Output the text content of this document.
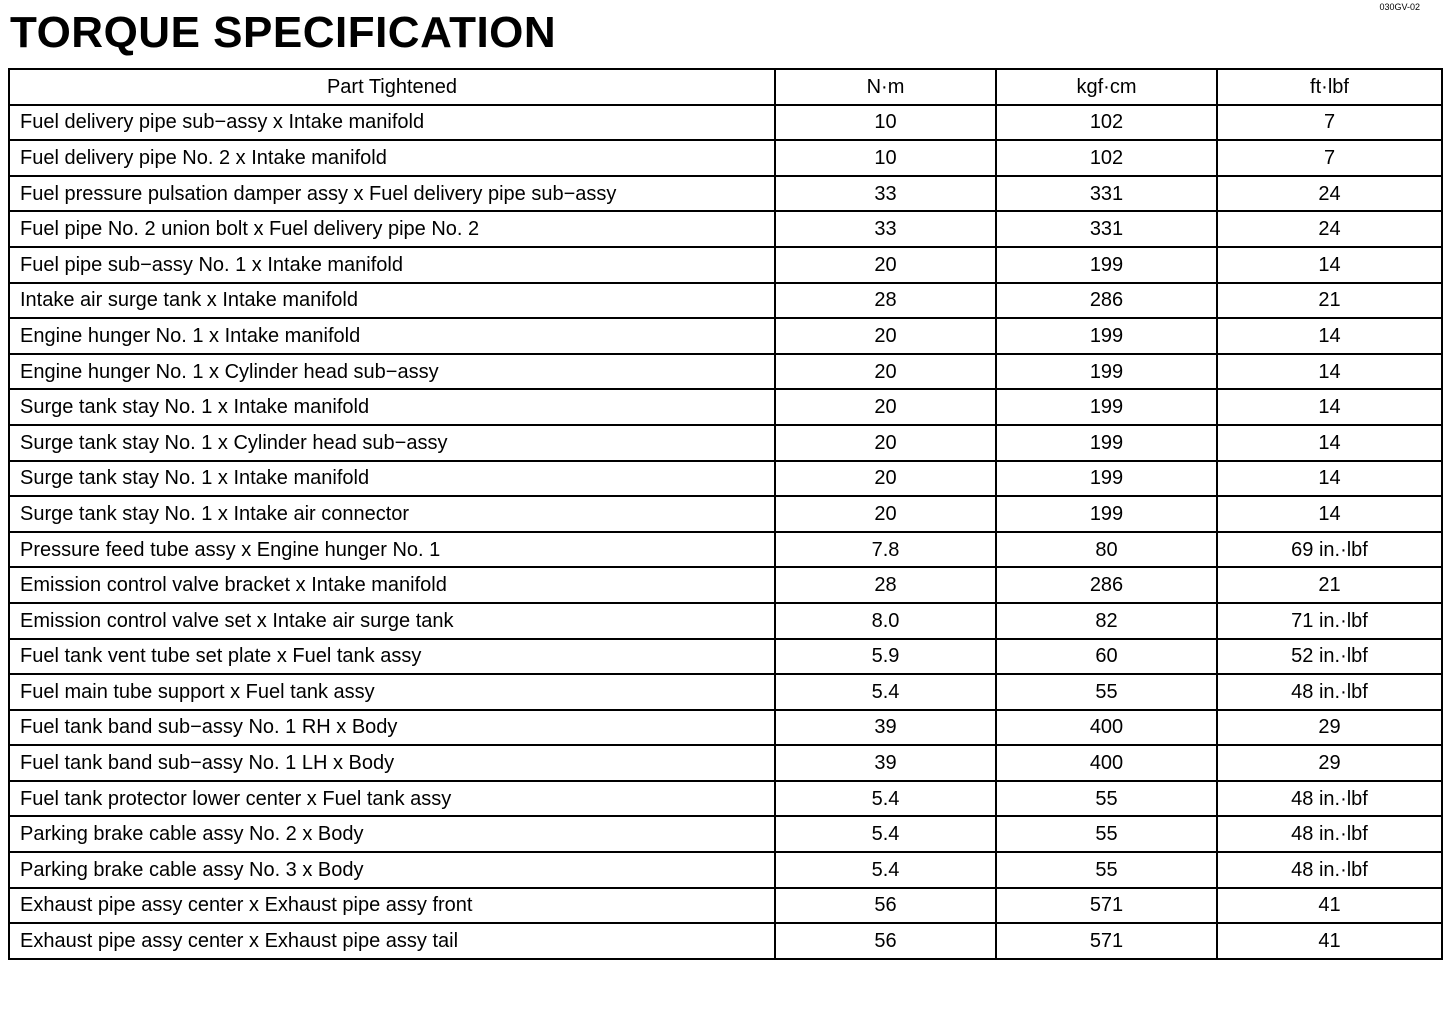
TORQUE SPECIFICATION
030GV-02
Part Tightened	N·m	kgf·cm	ft·lbf
Fuel delivery pipe sub−assy x Intake manifold	10	102	7
Fuel delivery pipe No. 2 x Intake manifold	10	102	7
Fuel pressure pulsation damper assy x Fuel delivery pipe sub−assy	33	331	24
Fuel pipe No. 2 union bolt x Fuel delivery pipe No. 2	33	331	24
Fuel pipe sub−assy No. 1 x Intake manifold	20	199	14
Intake air surge tank x Intake manifold	28	286	21
Engine hunger No. 1 x Intake manifold	20	199	14
Engine hunger No. 1 x Cylinder head sub−assy	20	199	14
Surge tank stay No. 1 x Intake manifold	20	199	14
Surge tank stay No. 1 x Cylinder head sub−assy	20	199	14
Surge tank stay No. 1 x Intake manifold	20	199	14
Surge tank stay No. 1 x Intake air connector	20	199	14
Pressure feed tube assy x Engine hunger No. 1	7.8	80	69 in.·lbf
Emission control valve bracket x Intake manifold	28	286	21
Emission control valve set x Intake air surge tank	8.0	82	71 in.·lbf
Fuel tank vent tube set plate x Fuel tank assy	5.9	60	52 in.·lbf
Fuel main tube support x Fuel tank assy	5.4	55	48 in.·lbf
Fuel tank band sub−assy No. 1 RH x Body	39	400	29
Fuel tank band sub−assy No. 1 LH x Body	39	400	29
Fuel tank protector lower center x Fuel tank assy	5.4	55	48 in.·lbf
Parking brake cable assy No. 2 x Body	5.4	55	48 in.·lbf
Parking brake cable assy No. 3 x Body	5.4	55	48 in.·lbf
Exhaust pipe assy center x Exhaust pipe assy front	56	571	41
Exhaust pipe assy center x Exhaust pipe assy tail	56	571	41
